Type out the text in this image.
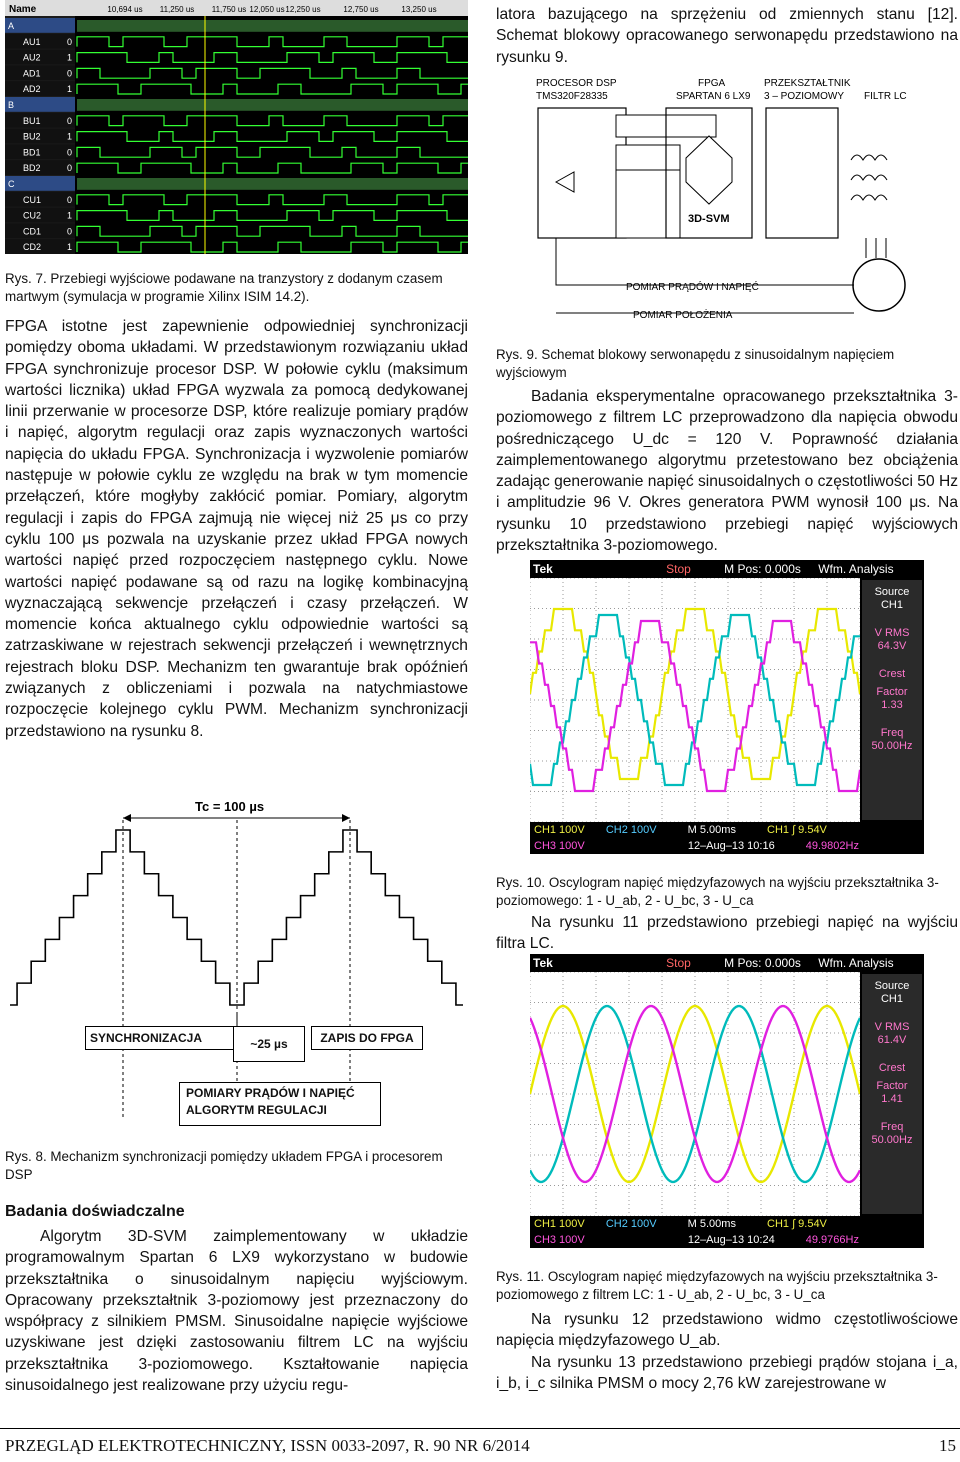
Name	10,694 us 11,250 us 11,750 us 12,050 us 12,250 us	12,750 us	13,250 us
A
AU1	0
AU2	1
AD1	0
AD2	1
B
BU1	0
BU2	1
BD1	0
BD2	0
C
CU1	0
CU2	1
CD1	0
CD2	1
Rys. 7. Przebiegi wyjściowe podawane na tranzystory z dodanym czasem martwym (symulacja w programie Xilinx ISIM 14.2).

FPGA istotne jest zapewnienie odpowiedniej synchronizacji pomiędzy oboma układami. W przedstawionym rozwiązaniu układ FPGA synchronizuje procesor DSP. W połowie cyklu (maksimum wartości licznika) układ FPGA wyzwala za pomocą dedykowanej linii przerwanie w procesorze DSP, które realizuje pomiary prądów i napięć, algorytm regulacji oraz zapis wyznaczonych wartości napięcia do układu FPGA. Synchronizacja i wyzwolenie pomiarów następuje w połowie cyklu ze względu na brak w tym momencie przełączeń, które mogłyby zakłócić pomiar. Pomiary, algorytm regulacji i zapis do FPGA zajmują nie więcej niż 25 μs co przy cyklu 100 μs pozwala na uzyskanie przez układ FPGA nowych wartości napięć przed rozpoczęciem następnego cyklu. Nowe wartości napięć podawane są od razu na logikę kombinacyjną wyznaczającą sekwencje przełączeń i czasy przełączeń. W momencie końca aktualnego cyklu odpowiednie wartości są zatrzaskiwane w rejestrach sekwencji przełączeń i wewnętrznych rejestrach bloku DSP. Mechanizm ten gwarantuje brak opóźnień związanych z obliczeniami i pozwala na natychmiastowe rozpoczęcie kolejnego cyklu PWM. Mechanizm synchronizacji przedstawiono na rysunku 8.

Tc = 100 µs
SYNCHRONIZACJA	~25 µs	ZAPIS DO FPGA
POMIARY PRĄDÓW I NAPIĘĆ
ALGORYTM REGULACJI
Rys. 8. Mechanizm synchronizacji pomiędzy układem FPGA i procesorem DSP
Badania doświadczalne

Algorytm 3D-SVM zaimplementowany w układzie programowalnym Spartan 6 LX9 wykorzystano w budowie przekształtnika o sinusoidalnym napięciu wyjściowym. Opracowany przekształtnik 3-poziomowy jest przeznaczony do współpracy z silnikiem PMSM. Sinusoidalne napięcie wyjściowe uzyskiwane jest dzięki zastosowaniu filtrem LC na wyjściu przekształtnika 3-poziomowego. Kształtowanie napięcia sinusoidalnego jest realizowane przy użyciu regu-

latora bazującego na sprzężeniu od zmiennych stanu [12]. Schemat blokowy opracowanego serwonapędu przedstawiono na rysunku 9.

PROCESOR DSP
TMS320F28335
FPGA
SPARTAN 6 LX9
PRZEKSZTAŁTNIK
3 – POZIOMOWY FILTR LC
3D-SVM
POMIAR PRĄDÓW I NAPIĘĆ
POMIAR POŁOŻENIA
Rys. 9. Schemat blokowy serwonapędu z sinusoidalnym napięciem wyjściowym

Badania eksperymentalne opracowanego przekształtnika 3-poziomowego z filtrem LC przeprowadzono dla napięcia obwodu pośredniczącego U_dc = 120 V. Poprawność działania zaimplementowanego algorytmu przetestowano bez obciążenia zadając generowanie napięć sinusoidalnych o częstotliwości 50 Hz i amplitudzie 96 V. Okres generatora PWM wynosił 100 μs. Na rysunku 10 przedstawiono przebiegi napięć wyjściowych przekształtnika 3-poziomowego.

Tek	Stop	M Pos: 0.000s Wfm. Analysis
Source
CH1
V RMS
64.3V
Crest
Factor
1.33
Freq
50.00Hz
CH1 100V CH2 100V	M 5.00ms	CH1 ∫ 9.54V
CH3 100V	12–Aug–13 10:16	49.9802Hz
Rys. 10. Oscylogram napięć międzyfazowych na wyjściu przekształtnika 3-poziomowego: 1 - U_ab, 2 - U_bc, 3 - U_ca

Na rysunku 11 przedstawiono przebiegi napięć na wyjściu filtra LC.

Tek	Stop	M Pos: 0.000s Wfm. Analysis
Source
CH1
V RMS
61.4V
Crest
Factor
1.41
Freq
50.00Hz
CH1 100V CH2 100V	M 5.00ms	CH1 ∫ 9.54V
CH3 100V	12–Aug–13 10:24	49.9766Hz
Rys. 11. Oscylogram napięć międzyfazowych na wyjściu przekształtnika 3-poziomowego z filtrem LC: 1 - U_ab, 2 - U_bc, 3 - U_ca

Na rysunku 12 przedstawiono widmo częstotliwościowe napięcia międzyfazowego U_ab.

Na rysunku 13 przedstawiono przebiegi prądów stojana i_a, i_b, i_c silnika PMSM o mocy 2,76 kW zarejestrowane w

PRZEGLĄD ELEKTROTECHNICZNY, ISSN 0033-2097, R. 90 NR 6/2014	15
